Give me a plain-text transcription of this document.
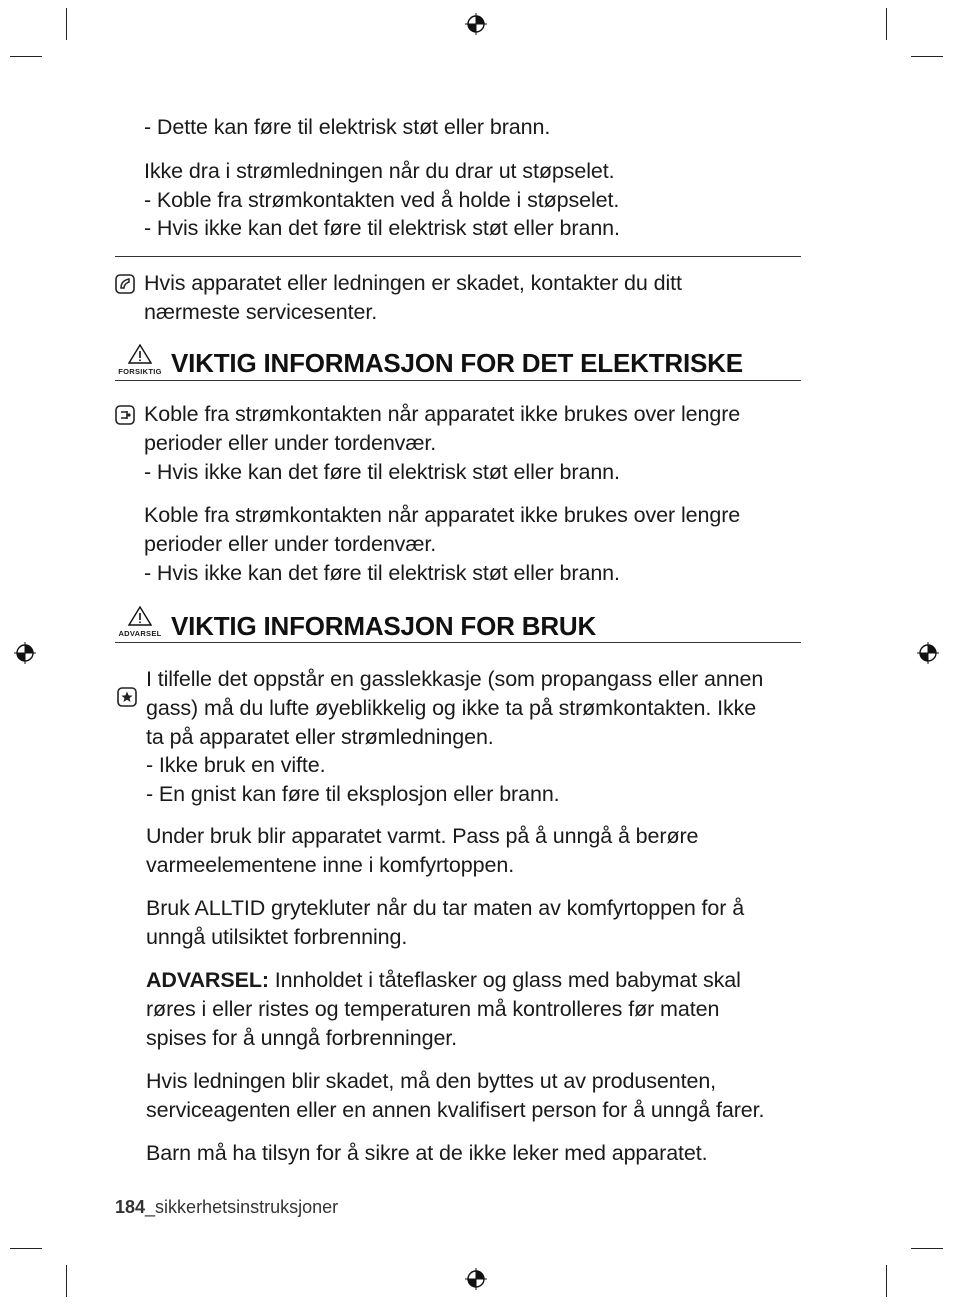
- Dette kan føre til elektrisk støt eller brann.
Ikke dra i strømledningen når du drar ut støpselet.
- Koble fra strømkontakten ved å holde i støpselet.
- Hvis ikke kan det føre til elektrisk støt eller brann.
Hvis apparatet eller ledningen er skadet, kontakter du ditt
nærmeste servicesenter.
FORSIKTIG VIKTIG INFORMASJON FOR DET ELEKTRISKE
Koble fra strømkontakten når apparatet ikke brukes over lengre
perioder eller under tordenvær.
- Hvis ikke kan det føre til elektrisk støt eller brann.
Koble fra strømkontakten når apparatet ikke brukes over lengre
perioder eller under tordenvær.
- Hvis ikke kan det føre til elektrisk støt eller brann.
ADVARSEL VIKTIG INFORMASJON FOR BRUK
I tilfelle det oppstår en gasslekkasje (som propangass eller annen
gass) må du lufte øyeblikkelig og ikke ta på strømkontakten. Ikke
ta på apparatet eller strømledningen.
- Ikke bruk en vifte.
- En gnist kan føre til eksplosjon eller brann.
Under bruk blir apparatet varmt. Pass på å unngå å berøre
varmeelementene inne i komfyrtoppen.
Bruk ALLTID grytekluter når du tar maten av komfyrtoppen for å
unngå utilsiktet forbrenning.
ADVARSEL: Innholdet i tåteflasker og glass med babymat skal
røres i eller ristes og temperaturen må kontrolleres før maten
spises for å unngå forbrenninger.
Hvis ledningen blir skadet, må den byttes ut av produsenten,
serviceagenten eller en annen kvalifisert person for å unngå farer.
Barn må ha tilsyn for å sikre at de ikke leker med apparatet.
184_sikkerhetsinstruksjoner
